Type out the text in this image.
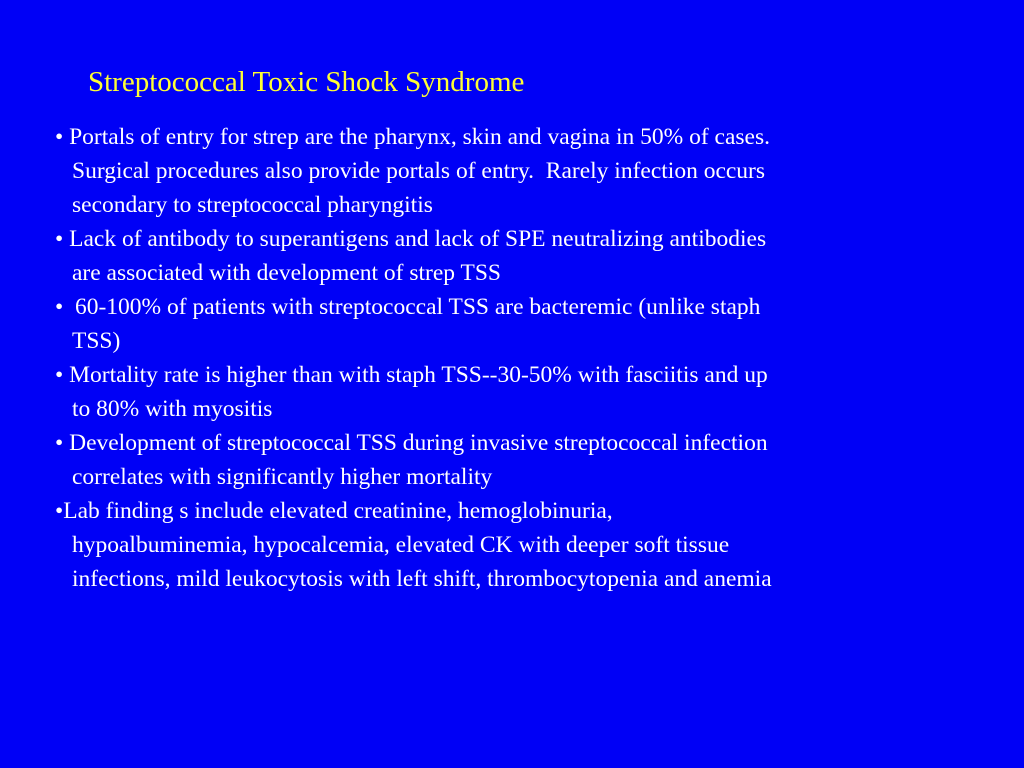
Streptococcal Toxic Shock Syndrome
• Portals of entry for strep are the pharynx, skin and vagina in 50% of cases.
Surgical procedures also provide portals of entry.  Rarely infection occurs
secondary to streptococcal pharyngitis
• Lack of antibody to superantigens and lack of SPE neutralizing antibodies
are associated with development of strep TSS
•  60-100% of patients with streptococcal TSS are bacteremic (unlike staph
TSS)
• Mortality rate is higher than with staph TSS--30-50% with fasciitis and up
to 80% with myositis
• Development of streptococcal TSS during invasive streptococcal infection
correlates with significantly higher mortality
•Lab finding s include elevated creatinine, hemoglobinuria,
hypoalbuminemia, hypocalcemia, elevated CK with deeper soft tissue
infections, mild leukocytosis with left shift, thrombocytopenia and anemia
